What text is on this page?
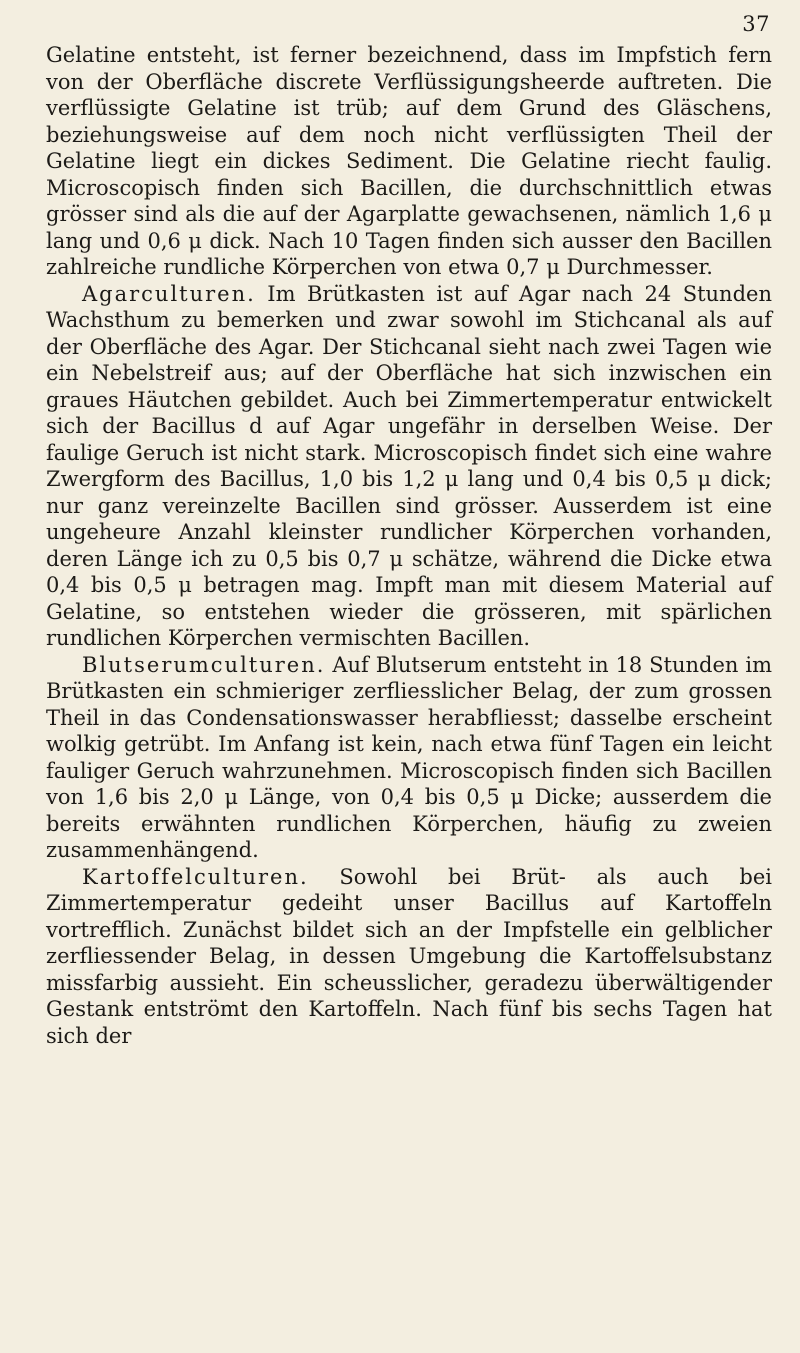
37

Gelatine entsteht, ist ferner bezeichnend, dass im Impfstich fern von der Oberfläche discrete Verflüssigungsheerde auftreten. Die verflüssigte Gelatine ist trüb; auf dem Grund des Gläschens, beziehungsweise auf dem noch nicht verflüssigten Theil der Gelatine liegt ein dickes Sediment. Die Gelatine riecht faulig. Microscopisch finden sich Bacillen, die durchschnittlich etwas grösser sind als die auf der Agarplatte gewachsenen, nämlich 1,6 μ lang und 0,6 μ dick. Nach 10 Tagen finden sich ausser den Bacillen zahlreiche rundliche Körperchen von etwa 0,7 μ Durchmesser.

Agarculturen. Im Brütkasten ist auf Agar nach 24 Stunden Wachsthum zu bemerken und zwar sowohl im Stichcanal als auf der Oberfläche des Agar. Der Stichcanal sieht nach zwei Tagen wie ein Nebelstreif aus; auf der Oberfläche hat sich inzwischen ein graues Häutchen gebildet. Auch bei Zimmertemperatur entwickelt sich der Bacillus d auf Agar ungefähr in derselben Weise. Der faulige Geruch ist nicht stark. Microscopisch findet sich eine wahre Zwergform des Bacillus, 1,0 bis 1,2 μ lang und 0,4 bis 0,5 μ dick; nur ganz vereinzelte Bacillen sind grösser. Ausserdem ist eine ungeheure Anzahl kleinster rundlicher Körperchen vorhanden, deren Länge ich zu 0,5 bis 0,7 μ schätze, während die Dicke etwa 0,4 bis 0,5 μ betragen mag. Impft man mit diesem Material auf Gelatine, so entstehen wieder die grösseren, mit spärlichen rundlichen Körperchen vermischten Bacillen.

Blutserumculturen. Auf Blutserum entsteht in 18 Stunden im Brütkasten ein schmieriger zerfliesslicher Belag, der zum grossen Theil in das Condensationswasser herabfliesst; dasselbe erscheint wolkig getrübt. Im Anfang ist kein, nach etwa fünf Tagen ein leicht fauliger Geruch wahrzunehmen. Microscopisch finden sich Bacillen von 1,6 bis 2,0 μ Länge, von 0,4 bis 0,5 μ Dicke; ausserdem die bereits erwähnten rundlichen Körperchen, häufig zu zweien zusammenhängend.

Kartoffelculturen. Sowohl bei Brüt- als auch bei Zimmertemperatur gedeiht unser Bacillus auf Kartoffeln vortrefflich. Zunächst bildet sich an der Impfstelle ein gelblicher zerfliessender Belag, in dessen Umgebung die Kartoffelsubstanz missfarbig aussieht. Ein scheusslicher, geradezu überwältigender Gestank entströmt den Kartoffeln. Nach fünf bis sechs Tagen hat sich der
